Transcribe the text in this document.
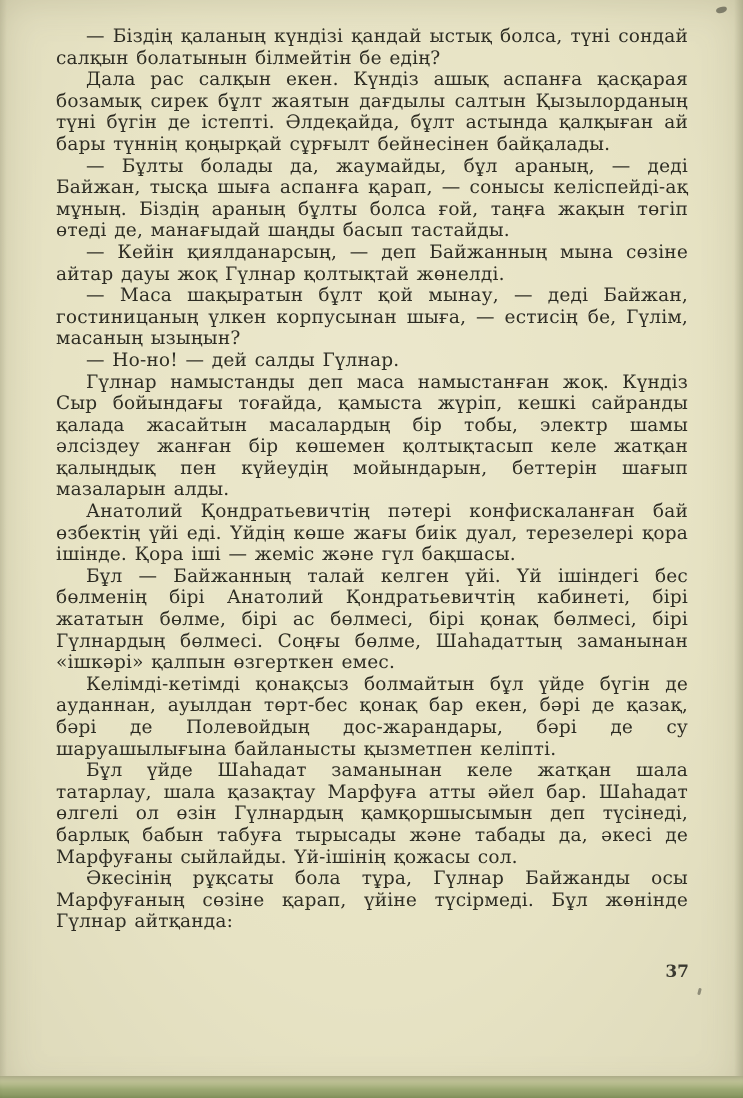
— Біздің қаланың күндізі қандай ыстық болса, түні сондай салқын болатынын білмейтін бе едің?

Дала рас салқын екен. Күндіз ашық аспанға қасқарая бозамық сирек бұлт жаятын дағдылы салтын Қызылорданың түні бүгін де істепті. Әлдеқайда, бұлт астында қалқыған ай бары түннің қоңырқай сұрғылт бейнесінен байқалады.

— Бұлты болады да, жаумайды, бұл араның, — деді Байжан, тысқа шыға аспанға қарап, — сонысы келіспейді-ақ мұның. Біздің араның бұлты болса ғой, таңға жақын төгіп өтеді де, манағыдай шаңды басып тастайды.

— Кейін қиялданарсың, — деп Байжанның мына сөзіне айтар дауы жоқ Гүлнар қолтықтай жөнелді.

— Маса шақыратын бұлт қой мынау, — деді Байжан, гостиницаның үлкен корпусынан шыға, — естисің бе, Гүлім, масаның ызыңын?

— Но-но! — дей салды Гүлнар.

Гүлнар намыстанды деп маса намыстанған жоқ. Күндіз Сыр бойындағы тоғайда, қамыста жүріп, кешкі сайранды қалада жасайтын масалардың бір тобы, электр шамы әлсіздеу жанған бір көшемен қолтықтасып келе жатқан қалыңдық пен күйеудің мойындарын, беттерін шағып мазаларын алды.

Анатолий Қондратьевичтің пәтері конфискаланған бай өзбектің үйі еді. Үйдің көше жағы биік дуал, терезелері қора ішінде. Қора іші — жеміс және гүл бақшасы.

Бұл — Байжанның талай келген үйі. Үй ішіндегі бес бөлменің бірі Анатолий Қондратьевичтің кабинеті, бірі жататын бөлме, бірі ас бөлмесі, бірі қонақ бөлмесі, бірі Гүлнардың бөлмесі. Соңғы бөлме, Шаһадаттың заманынан «ішкәрі» қалпын өзгерткен емес.

Келімді-кетімді қонақсыз болмайтын бұл үйде бүгін де ауданнан, ауылдан төрт-бес қонақ бар екен, бәрі де қазақ, бәрі де Полевойдың дос-жарандары, бәрі де су шаруашылығына байланысты қызметпен келіпті.

Бұл үйде Шаһадат заманынан келе жатқан шала татарлау, шала қазақтау Марфуға атты әйел бар. Шаһадат өлгелі ол өзін Гүлнардың қамқоршысымын деп түсінеді, барлық бабын табуға тырысады және табады да, әкесі де Марфуғаны сыйлайды. Үй-ішінің қожасы сол.

Әкесінің рұқсаты бола тұра, Гүлнар Байжанды осы Марфуғаның сөзіне қарап, үйіне түсірмеді. Бұл жөнінде Гүлнар айтқанда:

37
